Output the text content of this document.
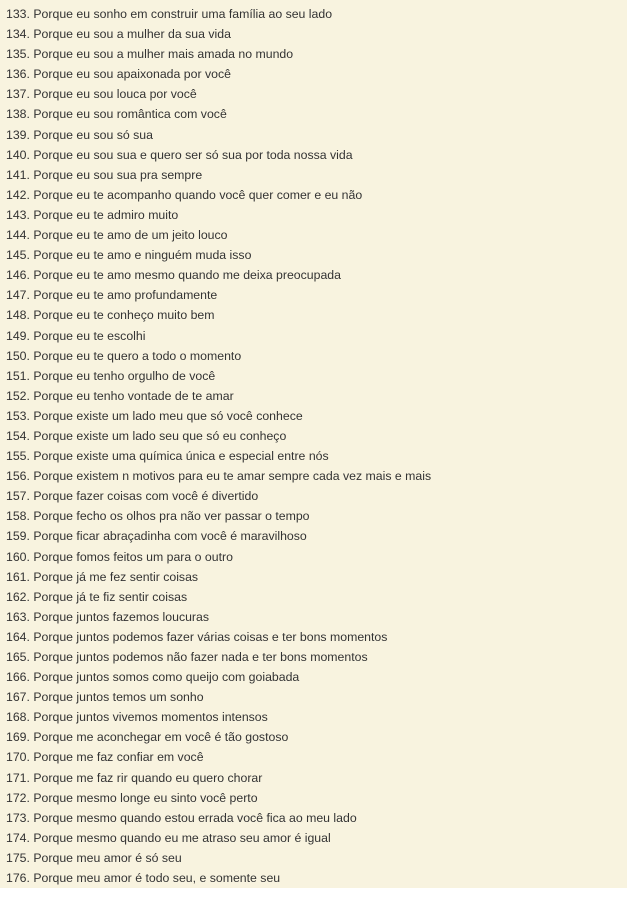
133. Porque eu sonho em construir uma família ao seu lado
134. Porque eu sou a mulher da sua vida
135. Porque eu sou a mulher mais amada no mundo
136. Porque eu sou apaixonada por você
137. Porque eu sou louca por você
138. Porque eu sou romântica com você
139. Porque eu sou só sua
140. Porque eu sou sua e quero ser só sua por toda nossa vida
141. Porque eu sou sua pra sempre
142. Porque eu te acompanho quando você quer comer e eu não
143. Porque eu te admiro muito
144. Porque eu te amo de um jeito louco
145. Porque eu te amo e ninguém muda isso
146. Porque eu te amo mesmo quando me deixa preocupada
147. Porque eu te amo profundamente
148. Porque eu te conheço muito bem
149. Porque eu te escolhi
150. Porque eu te quero a todo o momento
151. Porque eu tenho orgulho de você
152. Porque eu tenho vontade de te amar
153. Porque existe um lado meu que só você conhece
154. Porque existe um lado seu que só eu conheço
155. Porque existe uma química única e especial entre nós
156. Porque existem n motivos para eu te amar sempre cada vez mais e mais
157. Porque fazer coisas com você é divertido
158. Porque fecho os olhos pra não ver passar o tempo
159. Porque ficar abraçadinha com você é maravilhoso
160. Porque fomos feitos um para o outro
161. Porque já me fez sentir coisas
162. Porque já te fiz sentir coisas
163. Porque juntos fazemos loucuras
164. Porque juntos podemos fazer várias coisas e ter bons momentos
165. Porque juntos podemos não fazer nada e ter bons momentos
166. Porque juntos somos como queijo com goiabada
167. Porque juntos temos um sonho
168. Porque juntos vivemos momentos intensos
169. Porque me aconchegar em você é tão gostoso
170. Porque me faz confiar em você
171. Porque me faz rir quando eu quero chorar
172. Porque mesmo longe eu sinto você perto
173. Porque mesmo quando estou errada você fica ao meu lado
174. Porque mesmo quando eu me atraso seu amor é igual
175. Porque meu amor é só seu
176. Porque meu amor é todo seu, e somente seu
